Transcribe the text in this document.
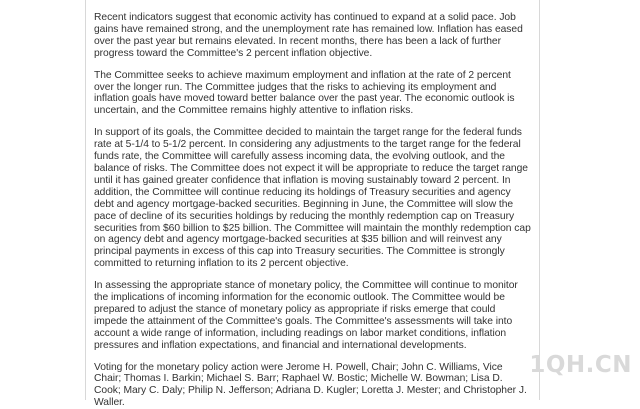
Recent indicators suggest that economic activity has continued to expand at a solid pace. Job gains have remained strong, and the unemployment rate has remained low. Inflation has eased over the past year but remains elevated. In recent months, there has been a lack of further progress toward the Committee's 2 percent inflation objective.

The Committee seeks to achieve maximum employment and inflation at the rate of 2 percent over the longer run. The Committee judges that the risks to achieving its employment and inflation goals have moved toward better balance over the past year. The economic outlook is uncertain, and the Committee remains highly attentive to inflation risks.

In support of its goals, the Committee decided to maintain the target range for the federal funds rate at 5-1/4 to 5-1/2 percent. In considering any adjustments to the target range for the federal funds rate, the Committee will carefully assess incoming data, the evolving outlook, and the balance of risks. The Committee does not expect it will be appropriate to reduce the target range until it has gained greater confidence that inflation is moving sustainably toward 2 percent. In addition, the Committee will continue reducing its holdings of Treasury securities and agency debt and agency mortgage-backed securities. Beginning in June, the Committee will slow the pace of decline of its securities holdings by reducing the monthly redemption cap on Treasury securities from $60 billion to $25 billion. The Committee will maintain the monthly redemption cap on agency debt and agency mortgage-backed securities at $35 billion and will reinvest any principal payments in excess of this cap into Treasury securities. The Committee is strongly committed to returning inflation to its 2 percent objective.

In assessing the appropriate stance of monetary policy, the Committee will continue to monitor the implications of incoming information for the economic outlook. The Committee would be prepared to adjust the stance of monetary policy as appropriate if risks emerge that could impede the attainment of the Committee's goals. The Committee's assessments will take into account a wide range of information, including readings on labor market conditions, inflation pressures and inflation expectations, and financial and international developments.

Voting for the monetary policy action were Jerome H. Powell, Chair; John C. Williams, Vice Chair; Thomas I. Barkin; Michael S. Barr; Raphael W. Bostic; Michelle W. Bowman; Lisa D. Cook; Mary C. Daly; Philip N. Jefferson; Adriana D. Kugler; Loretta J. Mester; and Christopher J. Waller.

1QH.CN
